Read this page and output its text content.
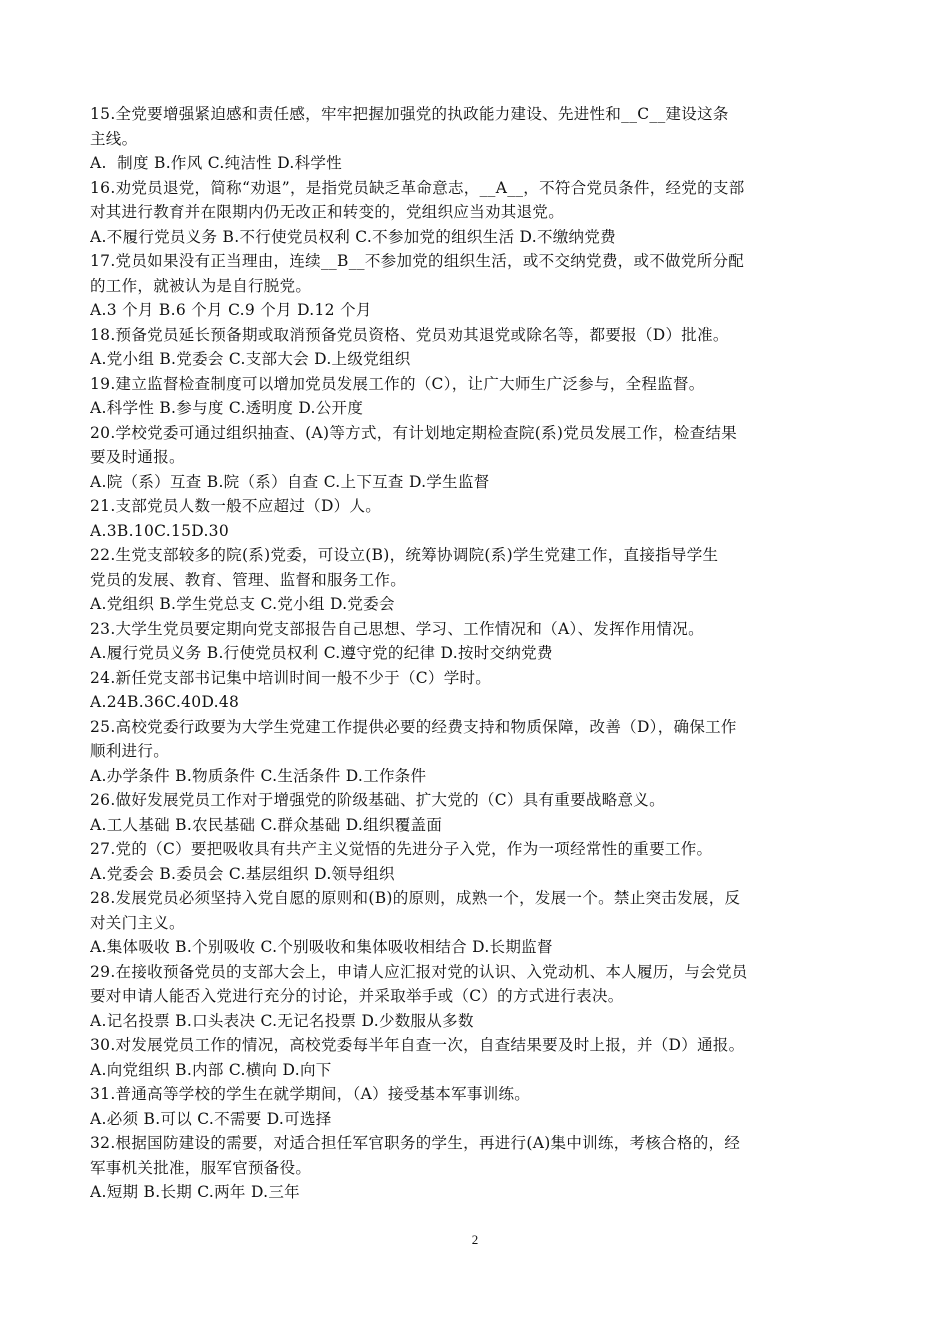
15.全党要增强紧迫感和责任感，牢牢把握加强党的执政能力建设、先进性和__C__建设这条
主线。
A.  制度 B.作风 C.纯洁性 D.科学性
16.劝党员退党，简称“劝退”，是指党员缺乏革命意志，__A__，不符合党员条件，经党的支部
对其进行教育并在限期内仍无改正和转变的，党组织应当劝其退党。
A.不履行党员义务 B.不行使党员权利 C.不参加党的组织生活 D.不缴纳党费
17.党员如果没有正当理由，连续__B__不参加党的组织生活，或不交纳党费，或不做党所分配
的工作，就被认为是自行脱党。
A.3 个月 B.6 个月 C.9 个月 D.12 个月
18.预备党员延长预备期或取消预备党员资格、党员劝其退党或除名等，都要报（D）批准。
A.党小组 B.党委会 C.支部大会 D.上级党组织
19.建立监督检查制度可以增加党员发展工作的（C），让广大师生广泛参与，全程监督。
A.科学性 B.参与度 C.透明度 D.公开度
20.学校党委可通过组织抽查、(A)等方式，有计划地定期检查院(系)党员发展工作，检查结果
要及时通报。
A.院（系）互查 B.院（系）自查 C.上下互查 D.学生监督
21.支部党员人数一般不应超过（D）人。
A.3B.10C.15D.30
22.生党支部较多的院(系)党委，可设立(B)，统筹协调院(系)学生党建工作，直接指导学生
党员的发展、教育、管理、监督和服务工作。
A.党组织 B.学生党总支 C.党小组 D.党委会
23.大学生党员要定期向党支部报告自己思想、学习、工作情况和（A）、发挥作用情况。
A.履行党员义务 B.行使党员权利 C.遵守党的纪律 D.按时交纳党费
24.新任党支部书记集中培训时间一般不少于（C）学时。
A.24B.36C.40D.48
25.高校党委行政要为大学生党建工作提供必要的经费支持和物质保障，改善（D），确保工作
顺利进行。
A.办学条件 B.物质条件 C.生活条件 D.工作条件
26.做好发展党员工作对于增强党的阶级基础、扩大党的（C）具有重要战略意义。
A.工人基础 B.农民基础 C.群众基础 D.组织覆盖面
27.党的（C）要把吸收具有共产主义觉悟的先进分子入党，作为一项经常性的重要工作。
A.党委会 B.委员会 C.基层组织 D.领导组织
28.发展党员必须坚持入党自愿的原则和(B)的原则，成熟一个，发展一个。禁止突击发展，反
对关门主义。
A.集体吸收 B.个别吸收 C.个别吸收和集体吸收相结合 D.长期监督
29.在接收预备党员的支部大会上，申请人应汇报对党的认识、入党动机、本人履历，与会党员
要对申请人能否入党进行充分的讨论，并采取举手或（C）的方式进行表决。
A.记名投票 B.口头表决 C.无记名投票 D.少数服从多数
30.对发展党员工作的情况，高校党委每半年自查一次，自查结果要及时上报，并（D）通报。
A.向党组织 B.内部 C.横向 D.向下
31.普通高等学校的学生在就学期间，（A）接受基本军事训练。
A.必须 B.可以 C.不需要 D.可选择
32.根据国防建设的需要，对适合担任军官职务的学生，再进行(A)集中训练，考核合格的，经
军事机关批准，服军官预备役。
A.短期 B.长期 C.两年 D.三年
2
